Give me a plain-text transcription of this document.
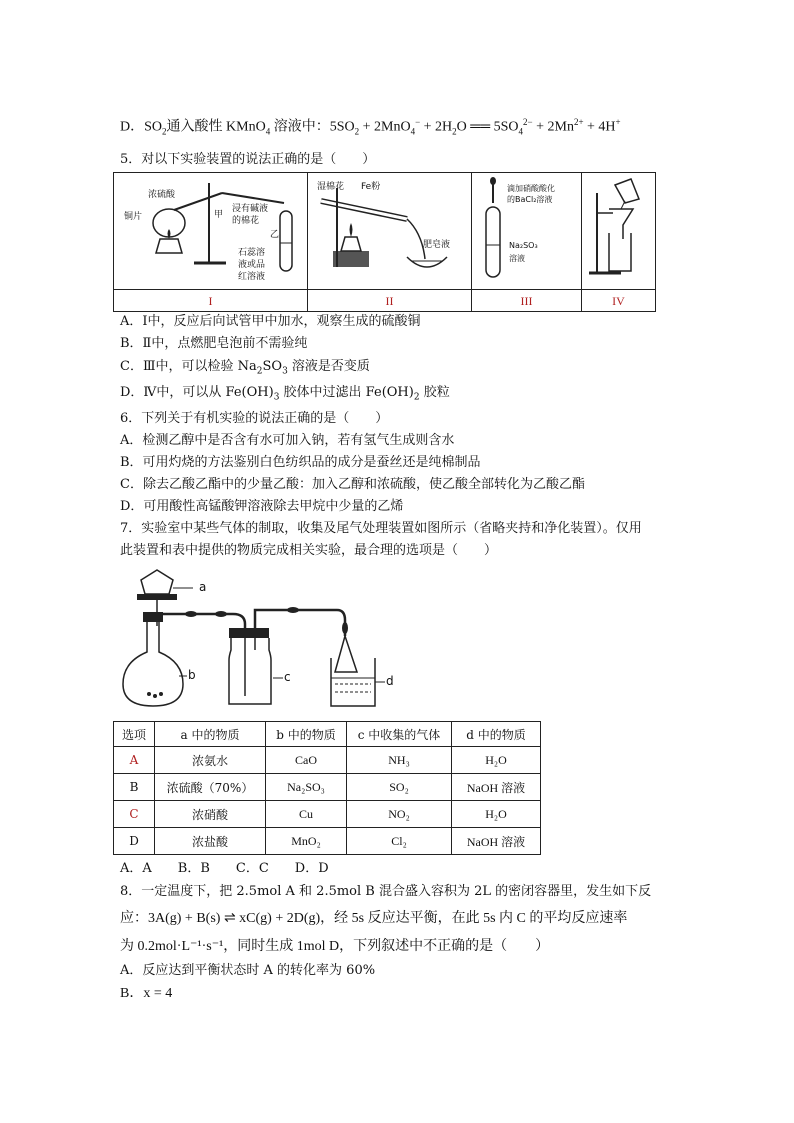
D．$SO_2$通入酸性 KMnO$_4$ 溶液中：$5SO_2 + 2MnO_4^- + 2H_2O$ ══ $5SO_4^{2-} + 2Mn^{2+} + 4H^+$
5．对以下实验装置的说法正确的是（　　）
浓硫酸
铜片	甲
浸有碱液
的棉花
乙
石蕊溶
液或品
红溶液
湿棉花 Fe粉
肥皂液
滴加硝酸酸化
的BaCl₂溶液
Na₂SO₃
溶液
I	II	III	IV
A．Ⅰ中，反应后向试管甲中加水，观察生成的硫酸铜
B．Ⅱ中，点燃肥皂泡前不需验纯
C．Ⅲ中，可以检验 $Na_2SO_3$ 溶液是否变质
D．Ⅳ中，可以从 $Fe(OH)_3$ 胶体中过滤出 $Fe(OH)_2$ 胶粒
6．下列关于有机实验的说法正确的是（　　）
A．检测乙醇中是否含有水可加入钠，若有氢气生成则含水
B．可用灼烧的方法鉴别白色纺织品的成分是蚕丝还是纯棉制品
C．除去乙酸乙酯中的少量乙酸：加入乙醇和浓硫酸，使乙酸全部转化为乙酸乙酯
D．可用酸性高锰酸钾溶液除去甲烷中少量的乙烯
7．实验室中某些气体的制取，收集及尾气处理装置如图所示（省略夹持和净化装置）。仅用
此装置和表中提供的物质完成相关实验，最合理的选项是（　　）
a
b	c	d
选项	a 中的物质	b 中的物质	c 中收集的气体	d 中的物质
A	浓氨水	CaO	NH₃	H₂O
B	浓硫酸（70%）	Na₂SO₃	SO₂	NaOH 溶液
C	浓硝酸	Cu	NO₂	H₂O
D	浓盐酸	MnO₂	Cl₂	NaOH 溶液
A．A　　B．B　　C．C　　D．D
8．一定温度下，把 2.5mol A 和 2.5mol B 混合盛入容积为 2L 的密闭容器里，发生如下反
应：3A(g) + B(s) ⇌ xC(g) + 2D(g)，经 5s 反应达平衡，在此 5s 内 C 的平均反应速率
为 0.2mol·L⁻¹·s⁻¹，同时生成 1mol D，下列叙述中不正确的是（　　）
A．反应达到平衡状态时 A 的转化率为 60%
B．x = 4
